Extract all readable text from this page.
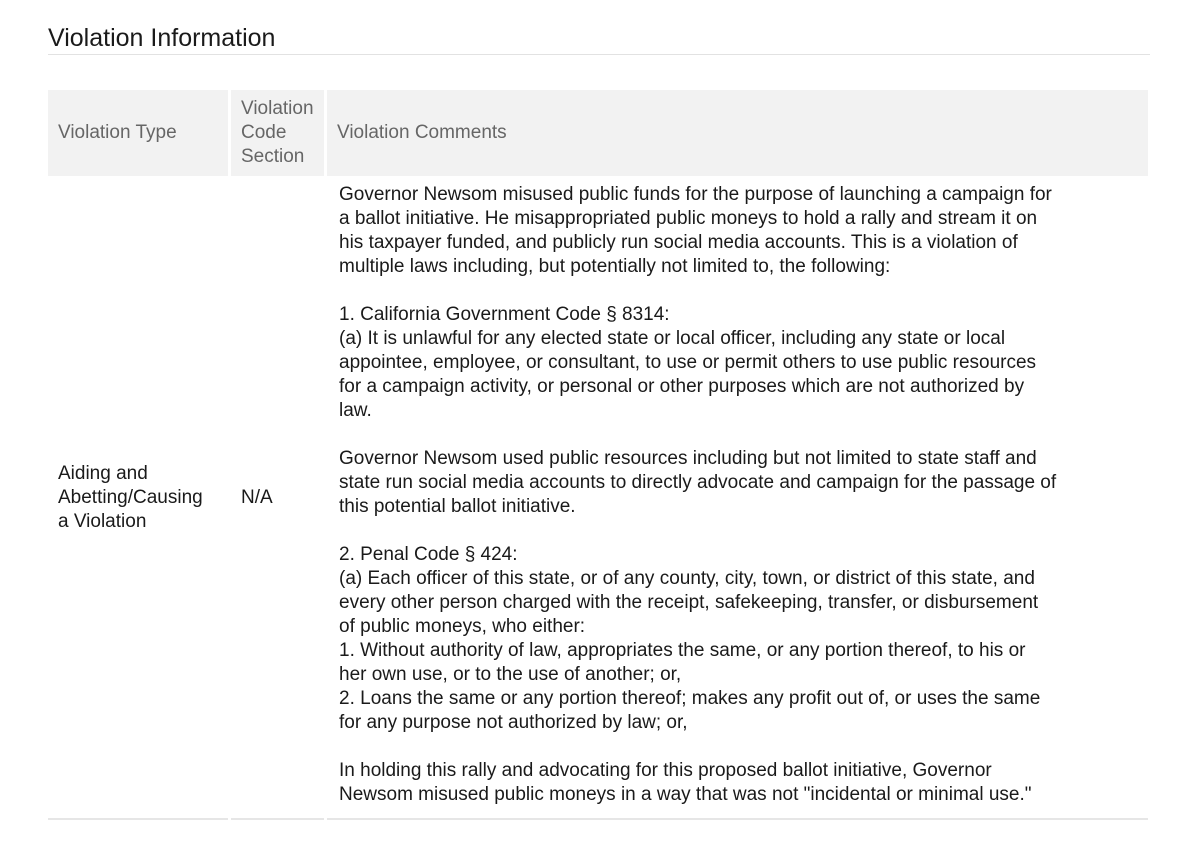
Violation Information
Violation Type
Violation
Code
Section
Violation Comments
Aiding and Abetting/Causing a Violation
N/A

Governor Newsom misused public funds for the purpose of launching a campaign for
a ballot initiative. He misappropriated public moneys to hold a rally and stream it on
his taxpayer funded, and publicly run social media accounts. This is a violation of
multiple laws including, but potentially not limited to, the following:

1. California Government Code § 8314:
(a) It is unlawful for any elected state or local officer, including any state or local
appointee, employee, or consultant, to use or permit others to use public resources
for a campaign activity, or personal or other purposes which are not authorized by
law.

Governor Newsom used public resources including but not limited to state staff and
state run social media accounts to directly advocate and campaign for the passage of
this potential ballot initiative.

2. Penal Code § 424:
(a) Each officer of this state, or of any county, city, town, or district of this state, and
every other person charged with the receipt, safekeeping, transfer, or disbursement
of public moneys, who either:
1. Without authority of law, appropriates the same, or any portion thereof, to his or
her own use, or to the use of another; or,
2. Loans the same or any portion thereof; makes any profit out of, or uses the same
for any purpose not authorized by law; or,

In holding this rally and advocating for this proposed ballot initiative, Governor
Newsom misused public moneys in a way that was not "incidental or minimal use."
